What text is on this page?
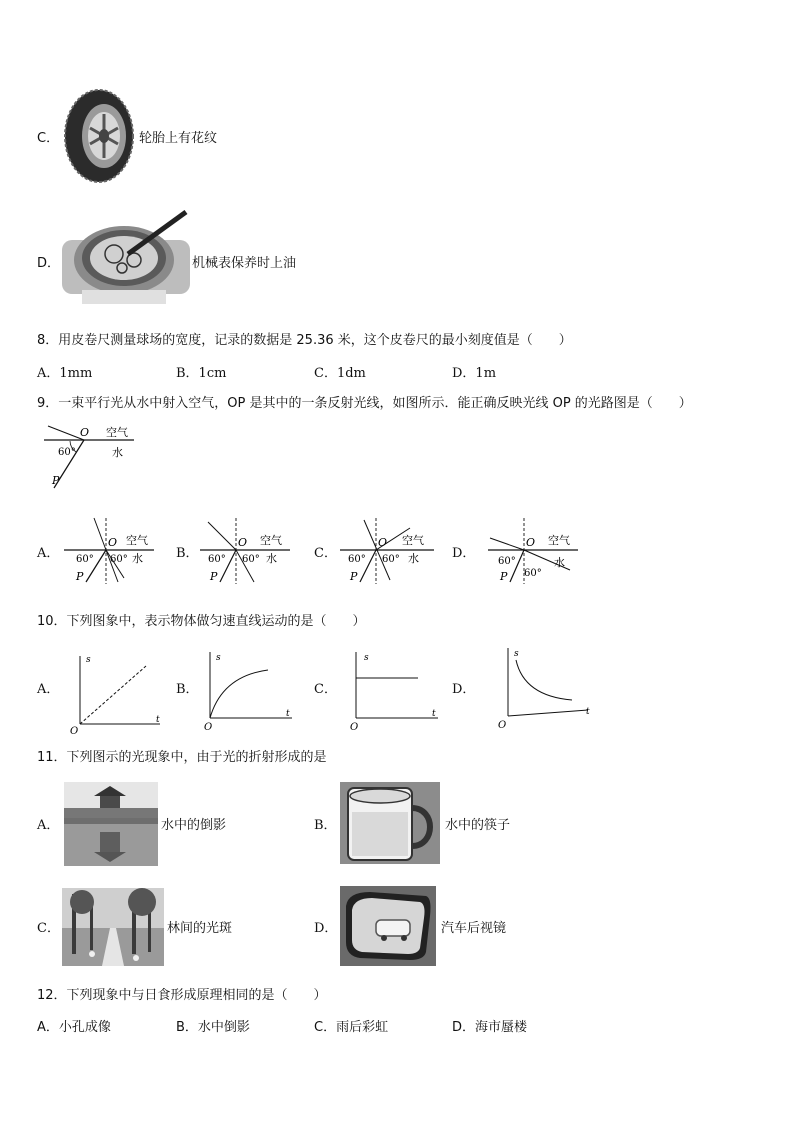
C．	轮胎上有花纹
D．	机械表保养时上油
8．用皮卷尺测量球场的宽度，记录的数据是 25.36 米，这个皮卷尺的最小刻度值是（　　）
A．1mm	B．1cm	C．1dm	D．1m
9．一束平行光从水中射入空气，OP 是其中的一条反射光线，如图所示．能正确反映光线 OP 的光路图是（　　）
O 空气
水
60°
P
A．
O 空气
水
60° 60°
P
B．
O 空气
水
60° 60°
P
C．
O 空气
水
60° 60°
P
D．
O 空气
水
60°
60°
P
10．下列图象中，表示物体做匀速直线运动的是（　　）
A．
s
t
O
B．
s
t
O
C．
s
t
O
D．
s
t
O
11．下列图示的光现象中，由于光的折射形成的是
A．	水中的倒影	B．	水中的筷子
C．	林间的光斑	D．	汽车后视镜
12．下列现象中与日食形成原理相同的是（　　）
A．小孔成像	B．水中倒影	C．雨后彩虹	D．海市蜃楼
